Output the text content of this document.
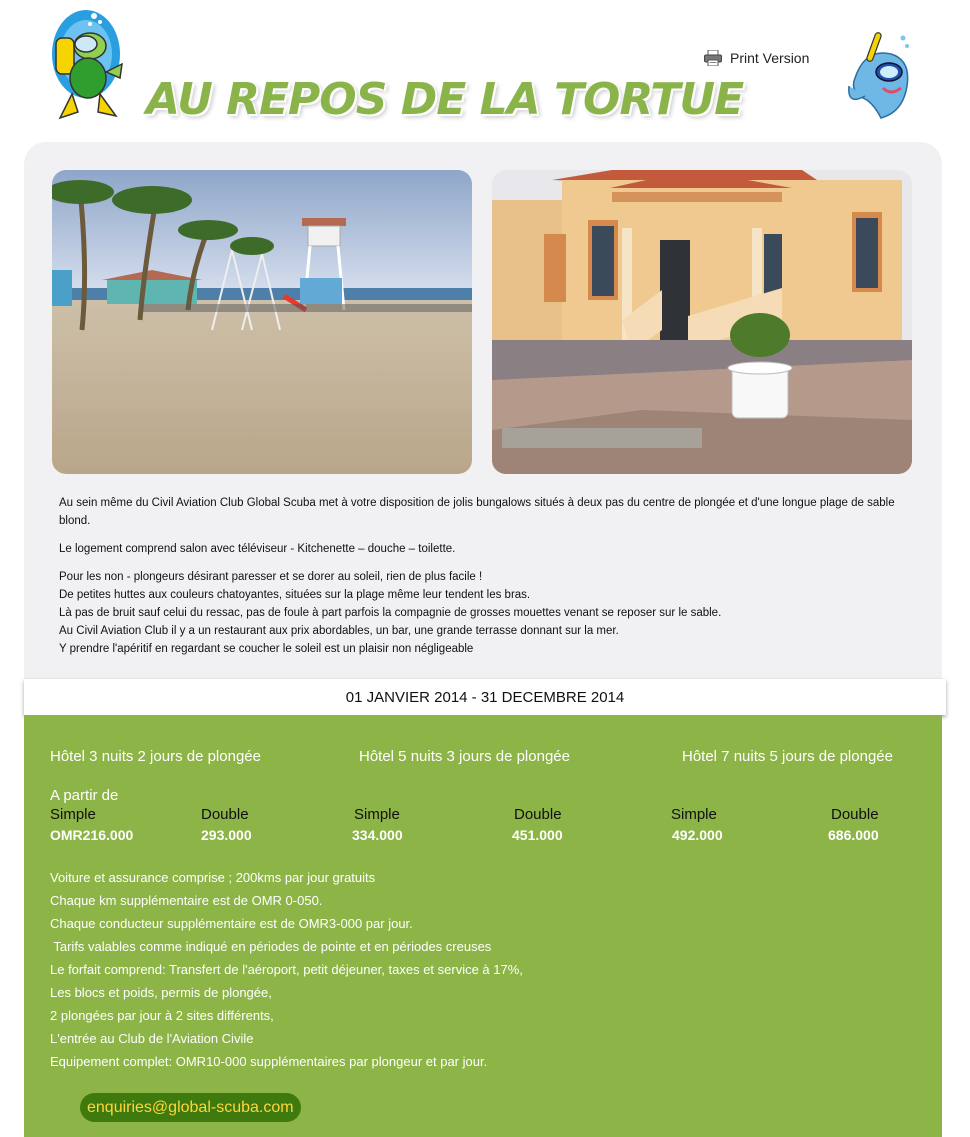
AU REPOS DE LA TORTUE
Print Version

Au sein même du Civil Aviation Club Global Scuba met à votre disposition de jolis bungalows situés à deux pas du centre de plongée et d'une longue plage de sable blond.

Le logement comprend salon avec téléviseur - Kitchenette – douche – toilette.

Pour les non - plongeurs désirant paresser et se dorer au soleil, rien de plus facile !
De petites huttes aux couleurs chatoyantes, situées sur la plage même leur tendent les bras.
Là pas de bruit sauf celui du ressac, pas de foule à part parfois la compagnie de grosses mouettes venant se reposer sur le sable.
Au Civil Aviation Club il y a un restaurant aux prix abordables, un bar, une grande terrasse donnant sur la mer.
Y prendre l'apéritif en regardant se coucher le soleil est un plaisir non négligeable

01 JANVIER 2014 - 31 DECEMBRE 2014
Hôtel 3 nuits 2 jours de plongée	Hôtel 5 nuits 3 jours de plongée	Hôtel 7 nuits 5 jours de plongée
A partir de
Simple	Double	Simple	Double	Simple	Double
OMR216.000	293.000	334.000	451.000	492.000	686.000
Voiture et assurance comprise ; 200kms par jour gratuits
Chaque km supplémentaire est de OMR 0-050.
Chaque conducteur supplémentaire est de OMR3-000 par jour.
Tarifs valables comme indiqué en périodes de pointe et en périodes creuses
Le forfait comprend: Transfert de l'aéroport, petit déjeuner, taxes et service à 17%,
Les blocs et poids, permis de plongée,
2 plongées par jour à 2 sites différents,
L'entrée au Club de l'Aviation Civile
Equipement complet: OMR10-000 supplémentaires par plongeur et par jour.
enquiries@global-scuba.com
